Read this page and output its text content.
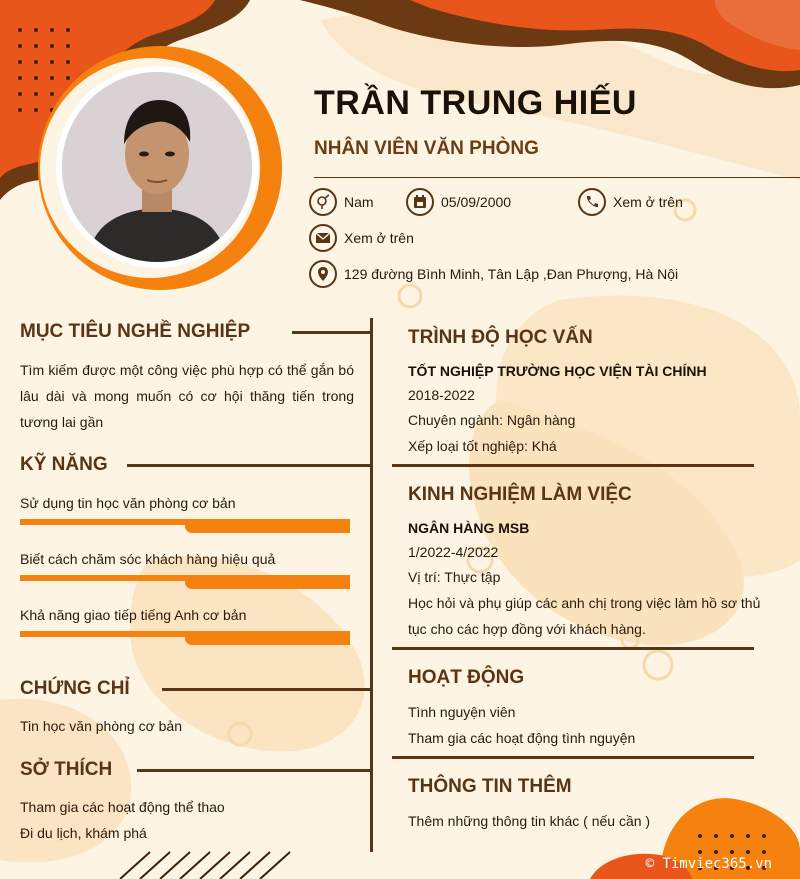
TRẦN TRUNG HIẾU
NHÂN VIÊN VĂN PHÒNG
Nam	05/09/2000	Xem ở trên
Xem ở trên
129 đường Bình Minh, Tân Lập ,Đan Phượng, Hà Nội
MỤC TIÊU NGHỀ NGHIỆP
Tìm kiếm được một công việc phù hợp có thể gắn bó
lâu dài và mong muốn có cơ hội thăng tiến trong
tương lai gần
KỸ NĂNG
Sử dụng tin học văn phòng cơ bản
Biết cách chăm sóc khách hàng hiệu quả
Khả năng giao tiếp tiếng Anh cơ bản
CHỨNG CHỈ
Tin học văn phòng cơ bản
SỞ THÍCH
Tham gia các hoạt động thể thao
Đi du lịch, khám phá
TRÌNH ĐỘ HỌC VẤN
TỐT NGHIỆP TRƯỜNG HỌC VIỆN TÀI CHÍNH
2018-2022
Chuyên ngành: Ngân hàng
Xếp loại tốt nghiệp: Khá
KINH NGHIỆM LÀM VIỆC
NGÂN HÀNG MSB
1/2022-4/2022
Vị trí: Thực tập
Học hỏi và phụ giúp các anh chị trong việc làm hồ sơ thủ
tục cho các hợp đồng với khách hàng.
HOẠT ĐỘNG
Tình nguyện viên
Tham gia các hoạt động tình nguyện
THÔNG TIN THÊM
Thêm những thông tin khác ( nếu cần )
© Timviec365.vn
